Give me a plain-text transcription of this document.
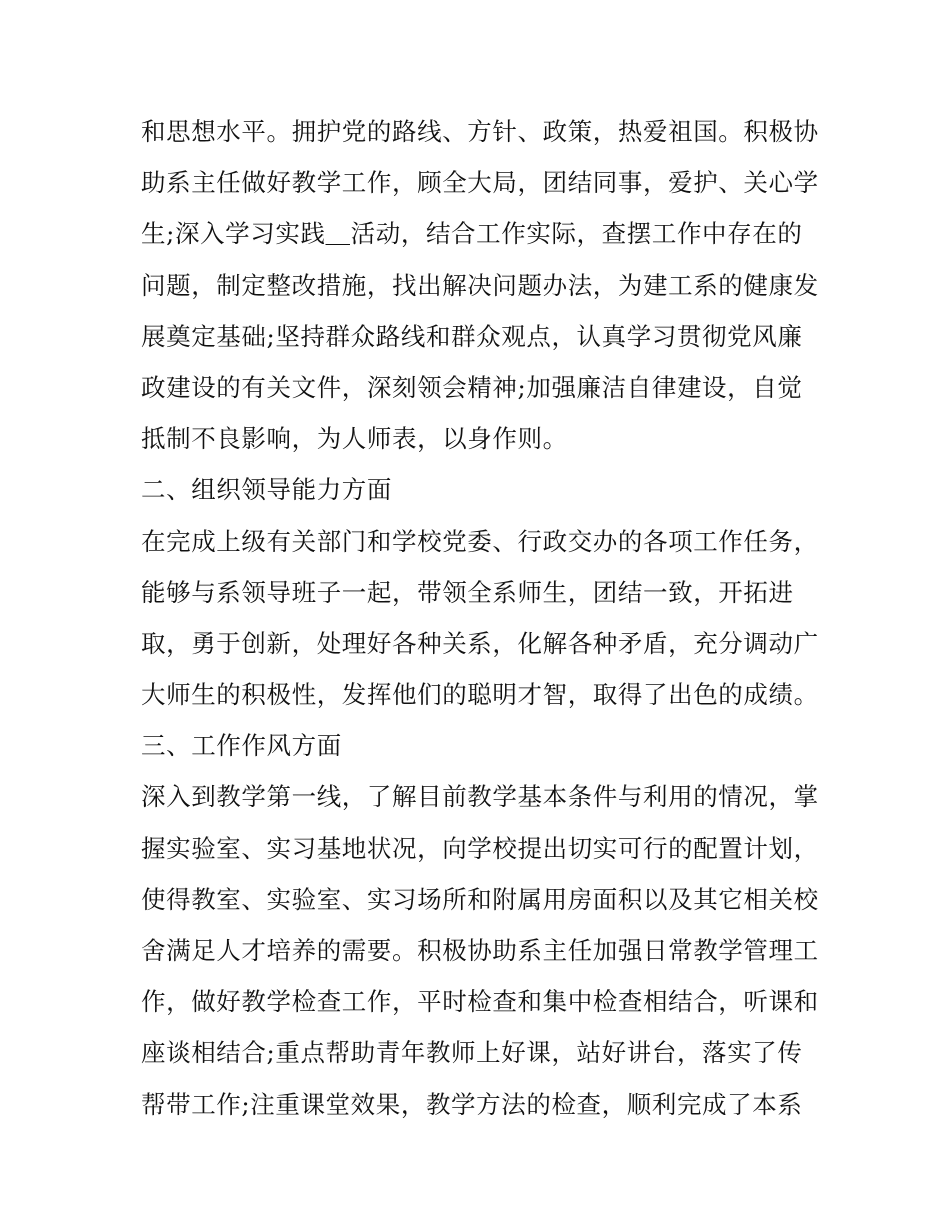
和思想水平。拥护党的路线、方针、政策，热爱祖国。积极协
助系主任做好教学工作，顾全大局，团结同事，爱护、关心学
生;深入学习实践＿活动，结合工作实际，查摆工作中存在的
问题，制定整改措施，找出解决问题办法，为建工系的健康发
展奠定基础;坚持群众路线和群众观点，认真学习贯彻党风廉
政建设的有关文件，深刻领会精神;加强廉洁自律建设，自觉
抵制不良影响，为人师表，以身作则。
二、组织领导能力方面
在完成上级有关部门和学校党委、行政交办的各项工作任务，
能够与系领导班子一起，带领全系师生，团结一致，开拓进
取，勇于创新，处理好各种关系，化解各种矛盾，充分调动广
大师生的积极性，发挥他们的聪明才智，取得了出色的成绩。
三、工作作风方面
深入到教学第一线，了解目前教学基本条件与利用的情况，掌
握实验室、实习基地状况，向学校提出切实可行的配置计划，
使得教室、实验室、实习场所和附属用房面积以及其它相关校
舍满足人才培养的需要。积极协助系主任加强日常教学管理工
作，做好教学检查工作，平时检查和集中检查相结合，听课和
座谈相结合;重点帮助青年教师上好课，站好讲台，落实了传
帮带工作;注重课堂效果，教学方法的检查，顺利完成了本系
